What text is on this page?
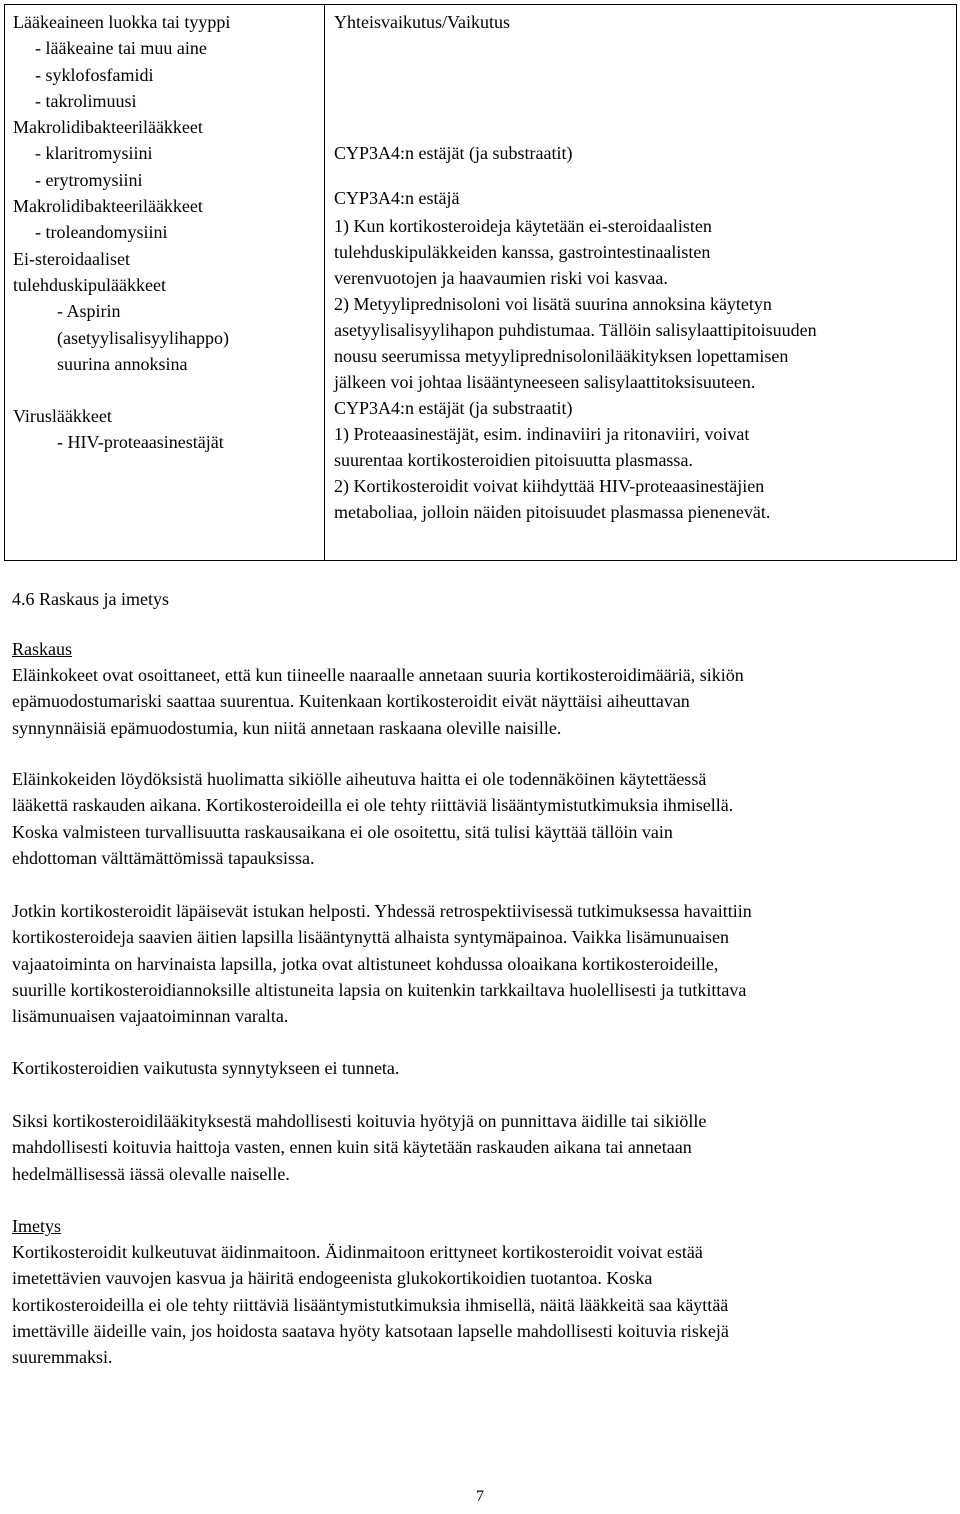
Lääkeaineen luokka tai tyyppi
- lääkeaine tai muu aine
- syklofosfamidi
- takrolimuusi
Makrolidibakteerilääkkeet
- klaritromysiini
- erytromysiini
Makrolidibakteerilääkkeet
- troleandomysiini
Ei-steroidaaliset
tulehduskipulääkkeet
- Aspirin
(asetyylisalisyylihappo)
suurina annoksina
Viruslääkkeet
- HIV-proteaasinestäjät
Yhteisvaikutus/Vaikutus
CYP3A4:n estäjät (ja substraatit)
CYP3A4:n estäjä
1) Kun kortikosteroideja käytetään ei-steroidaalisten
tulehduskipuläkkeiden kanssa, gastrointestinaalisten
verenvuotojen ja haavaumien riski voi kasvaa.
2) Metyyliprednisoloni voi lisätä suurina annoksina käytetyn
asetyylisalisyylihapon puhdistumaa. Tällöin salisylaattipitoisuuden
nousu seerumissa metyyliprednisolonilääkityksen lopettamisen
jälkeen voi johtaa lisääntyneeseen salisylaattitoksisuuteen.
CYP3A4:n estäjät (ja substraatit)
1) Proteaasinestäjät, esim. indinaviiri ja ritonaviiri, voivat
suurentaa kortikosteroidien pitoisuutta plasmassa.
2) Kortikosteroidit voivat kiihdyttää HIV-proteaasinestäjien
metaboliaa, jolloin näiden pitoisuudet plasmassa pienenevät.
4.6 Raskaus ja imetys
Raskaus
Eläinkokeet ovat osoittaneet, että kun tiineelle naaraalle annetaan suuria kortikosteroidimääriä, sikiön
epämuodostumariski saattaa suurentua. Kuitenkaan kortikosteroidit eivät näyttäisi aiheuttavan
synnynnäisiä epämuodostumia, kun niitä annetaan raskaana oleville naisille.
Eläinkokeiden löydöksistä huolimatta sikiölle aiheutuva haitta ei ole todennäköinen käytettäessä
lääkettä raskauden aikana. Kortikosteroideilla ei ole tehty riittäviä lisääntymistutkimuksia ihmisellä.
Koska valmisteen turvallisuutta raskausaikana ei ole osoitettu, sitä tulisi käyttää tällöin vain
ehdottoman välttämättömissä tapauksissa.
Jotkin kortikosteroidit läpäisevät istukan helposti. Yhdessä retrospektiivisessä tutkimuksessa havaittiin
kortikosteroideja saavien äitien lapsilla lisääntynyttä alhaista syntymäpainoa. Vaikka lisämunuaisen
vajaatoiminta on harvinaista lapsilla, jotka ovat altistuneet kohdussa oloaikana kortikosteroideille,
suurille kortikosteroidiannoksille altistuneita lapsia on kuitenkin tarkkailtava huolellisesti ja tutkittava
lisämunuaisen vajaatoiminnan varalta.
Kortikosteroidien vaikutusta synnytykseen ei tunneta.
Siksi kortikosteroidilääkityksestä mahdollisesti koituvia hyötyjä on punnittava äidille tai sikiölle
mahdollisesti koituvia haittoja vasten, ennen kuin sitä käytetään raskauden aikana tai annetaan
hedelmällisessä iässä olevalle naiselle.
Imetys
Kortikosteroidit kulkeutuvat äidinmaitoon. Äidinmaitoon erittyneet kortikosteroidit voivat estää
imetettävien vauvojen kasvua ja häiritä endogeenista glukokortikoidien tuotantoa. Koska
kortikosteroideilla ei ole tehty riittäviä lisääntymistutkimuksia ihmisellä, näitä lääkkeitä saa käyttää
imettäville äideille vain, jos hoidosta saatava hyöty katsotaan lapselle mahdollisesti koituvia riskejä
suuremmaksi.
7
